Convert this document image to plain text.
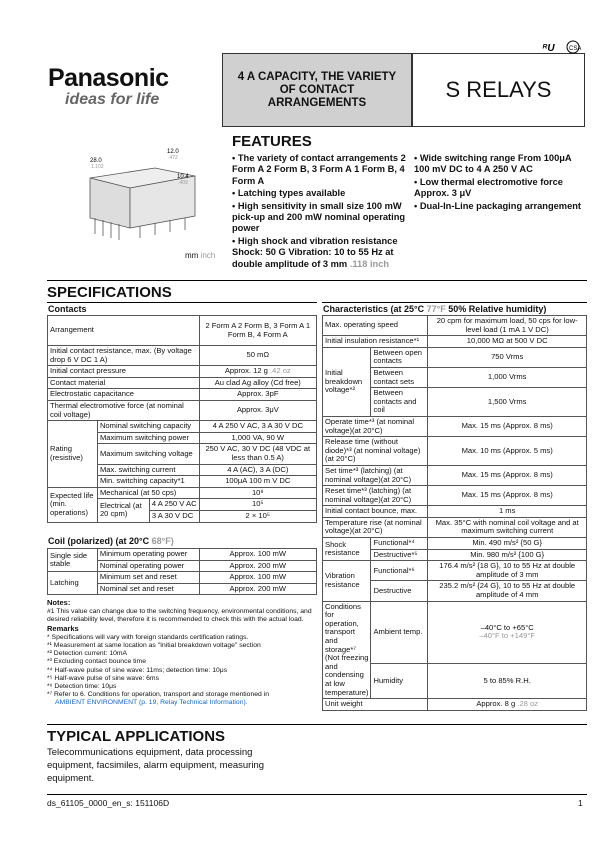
Panasonic
ideas for life
4 A CAPACITY, THE VARIETY OF CONTACT ARRANGEMENTS
S RELAYS
ᴿU CSA
28.0
1.102
12.0
.472
10.4
.409
mm inch
FEATURES

• The variety of contact arrangements 2 Form A 2 Form B, 3 Form A 1 Form B, 4 Form A

• Latching types available

• High sensitivity in small size 100 mW pick-up and 200 mW nominal operating power

• High shock and vibration resistance Shock: 50 G Vibration: 10 to 55 Hz at double amplitude of 3 mm .118 inch

• Wide switching range From 100μA 100 mV DC to 4 A 250 V AC

• Low thermal electromotive force Approx. 3 μV

• Dual-In-Line packaging arrangement

SPECIFICATIONS
Contacts
Arrangement			2 Form A 2 Form B, 3 Form A 1 Form B, 4 Form A
Initial contact resistance, max. (By voltage drop 6 V DC 1 A)			50 mΩ
Initial contact pressure			Approx. 12 g .42 oz
Contact material			Au clad Ag alloy (Cd free)
Electrostatic capacitance			Approx. 3pF
Thermal electromotive force (at nominal coil voltage)			Approx. 3μV
Rating (resistive)	Nominal switching capacity		4 A 250 V AC, 3 A 30 V DC
	Maximum switching power		1,000 VA, 90 W
	Maximum switching voltage		250 V AC, 30 V DC (48 VDC at less than 0.5 A)
	Max. switching current		4 A (AC), 3 A (DC)
	Min. switching capacity*1		100μA 100 m V DC
Expected life (min. operations)	Mechanical (at 50 cps)		10⁸
	Electrical (at 20 cpm)	4 A 250 V AC	10⁵
		3 A 30 V DC	2 × 10⁵
Coil (polarized) (at 20°C 68°F)
Single side stable	Minimum operating power	Approx. 100 mW
	Nominal operating power	Approx. 200 mW
Latching	Minimum set and reset	Approx. 100 mW
	Nominal set and reset	Approx. 200 mW
Notes:
#1 This value can change due to the switching frequency, environmental conditions, and desired reliability level, therefore it is recommended to check this with the actual load.
Remarks
* Specifications will vary with foreign standards certification ratings.
*¹ Measurement at same location as "Initial breakdown voltage" section
*² Detection current: 10mA
*³ Excluding contact bounce time
*⁴ Half-wave pulse of sine wave: 11ms; detection time: 10μs
*⁵ Half-wave pulse of sine wave: 6ms
*⁶ Detection time: 10μs
*⁷ Refer to 6. Conditions for operation, transport and storage mentioned in
AMBIENT ENVIRONMENT (p. 19, Relay Technical Information).
Characteristics (at 25°C 77°F 50% Relative humidity)
Max. operating speed		20 cpm for maximum load, 50 cps for low-level load (1 mA 1 V DC)
Initial insulation resistance*¹		10,000 MΩ at 500 V DC
Initial breakdown voltage*²	Between open contacts	750 Vrms
	Between contact sets	1,000 Vrms
	Between contacts and coil	1,500 Vrms
Operate time*³ (at nominal voltage)(at 20°C)		Max. 15 ms (Approx. 8 ms)
Release time (without diode)*³ (at nominal voltage)(at 20°C)		Max. 10 ms (Approx. 5 ms)
Set time*³ (latching) (at nominal voltage)(at 20°C)		Max. 15 ms (Approx. 8 ms)
Reset time*³ (latching) (at nominal voltage)(at 20°C)		Max. 15 ms (Approx. 8 ms)
Initial contact bounce, max.		1 ms
Temperature rise (at nominal voltage)(at 20°C)		Max. 35°C with nominal coil voltage and at maximum switching current
Shock resistance	Functional*⁴	Min. 490 m/s² {50 G}
	Destructive*⁵	Min. 980 m/s² {100 G}
Vibration resistance	Functional*⁶	176.4 m/s² {18 G}, 10 to 55 Hz at double amplitude of 3 mm
	Destructive	235.2 m/s² {24 G}, 10 to 55 Hz at double amplitude of 4 mm
Conditions for operation, transport and storage*⁷ (Not freezing and condensing at low temperature)	Ambient temp.	–40°C to +65°C
–40°F to +149°F

	Humidity	5 to 85% R.H.
Unit weight		Approx. 8 g .28 oz
TYPICAL APPLICATIONS
Telecommunications equipment, data processing equipment, facsimiles, alarm equipment, measuring equipment.
ds_61105_0000_en_s: 151106D	1
